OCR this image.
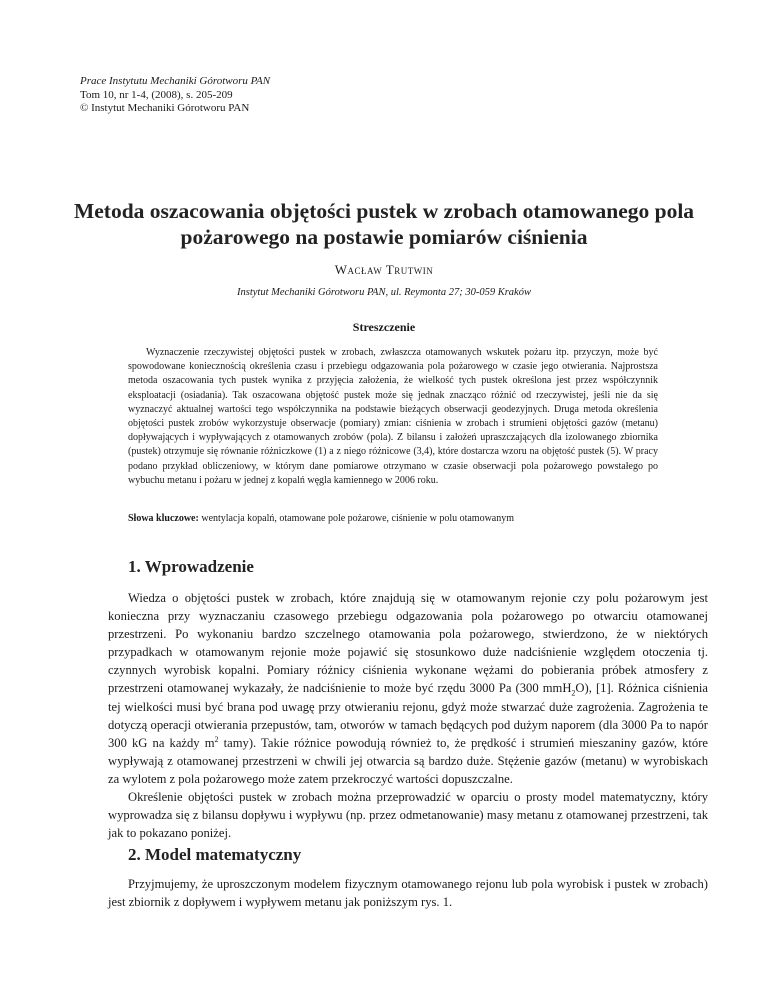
Prace Instytutu Mechaniki Górotworu PAN
Tom 10, nr 1-4, (2008), s. 205-209
© Instytut Mechaniki Górotworu PAN
Metoda oszacowania objętości pustek w zrobach otamowanego pola pożarowego na postawie pomiarów ciśnienia
Wacław Trutwin
Instytut Mechaniki Górotworu PAN, ul. Reymonta 27; 30-059 Kraków
Streszczenie
Wyznaczenie rzeczywistej objętości pustek w zrobach, zwłaszcza otamowanych wskutek pożaru itp. przyczyn, może być spowodowane koniecznością określenia czasu i przebiegu odgazowania pola pożarowego w czasie jego otwierania. Najprostsza metoda oszacowania tych pustek wynika z przyjęcia założenia, że wielkość tych pustek określona jest przez współczynnik eksploatacji (osiadania). Tak oszacowana objętość pustek może się jednak znacząco różnić od rzeczywistej, jeśli nie da się wyznaczyć aktualnej wartości tego współczynnika na podstawie bieżących obserwacji geodezyjnych. Druga metoda określenia objętości pustek zrobów wykorzystuje obserwacje (pomiary) zmian: ciśnienia w zrobach i strumieni objętości gazów (metanu) dopływających i wypływających z otamowanych zrobów (pola). Z bilansu i założeń upraszczających dla izolowanego zbiornika (pustek) otrzymuje się równanie różniczkowe (1) a z niego różnicowe (3,4), które dostarcza wzoru na objętość pustek (5). W pracy podano przykład obliczeniowy, w którym dane pomiarowe otrzymano w czasie obserwacji pola pożarowego powstałego po wybuchu metanu i pożaru w jednej z kopalń węgla kamiennego w 2006 roku.
Słowa kluczowe: wentylacja kopalń, otamowane pole pożarowe, ciśnienie w polu otamowanym
1. Wprowadzenie

Wiedza o objętości pustek w zrobach, które znajdują się w otamowanym rejonie czy polu pożarowym jest konieczna przy wyznaczaniu czasowego przebiegu odgazowania pola pożarowego po otwarciu otamowanej przestrzeni. Po wykonaniu bardzo szczelnego otamowania pola pożarowego, stwierdzono, że w niektórych przypadkach w otamowanym rejonie może pojawić się stosunkowo duże nadciśnienie względem otoczenia tj. czynnych wyrobisk kopalni. Pomiary różnicy ciśnienia wykonane wężami do pobierania próbek atmosfery z przestrzeni otamowanej wykazały, że nadciśnienie to może być rzędu 3000 Pa (300 mmH$_2$O), [1]. Różnica ciśnienia tej wielkości musi być brana pod uwagę przy otwieraniu rejonu, gdyż może stwarzać duże zagrożenia. Zagrożenia te dotyczą operacji otwierania przepustów, tam, otworów w tamach będących pod dużym naporem (dla 3000 Pa to napór 300 kG na każdy $m^2$ tamy). Takie różnice powodują również to, że prędkość i strumień mieszaniny gazów, które wypływają z otamowanej przestrzeni w chwili jej otwarcia są bardzo duże. Stężenie gazów (metanu) w wyrobiskach za wylotem z pola pożarowego może zatem przekroczyć wartości dopuszczalne.

Określenie objętości pustek w zrobach można przeprowadzić w oparciu o prosty model matematyczny, który wyprowadza się z bilansu dopływu i wypływu (np. przez odmetanowanie) masy metanu z otamowanej przestrzeni, tak jak to pokazano poniżej.

2. Model matematyczny

Przyjmujemy, że uproszczonym modelem fizycznym otamowanego rejonu lub pola wyrobisk i pustek w zrobach) jest zbiornik z dopływem i wypływem metanu jak poniższym rys. 1.
